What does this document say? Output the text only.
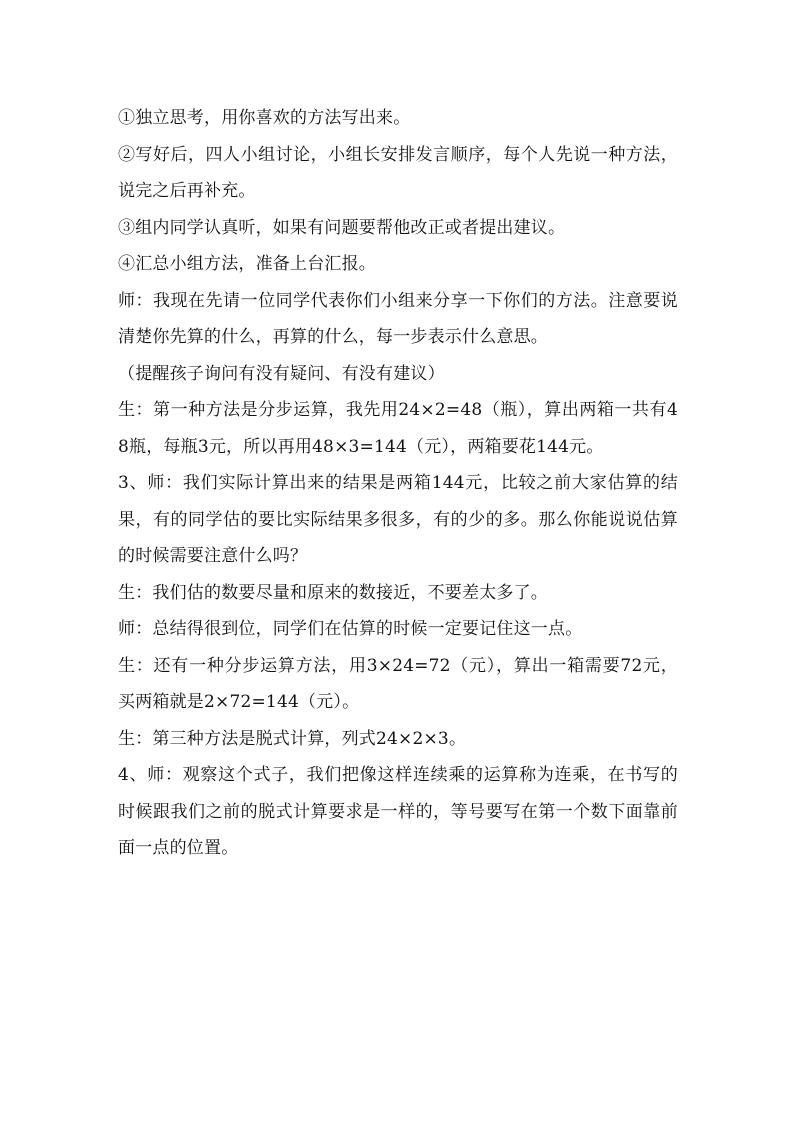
①独立思考，用你喜欢的方法写出来。

②写好后，四人小组讨论，小组长安排发言顺序，每个人先说一种方法，说完之后再补充。

③组内同学认真听，如果有问题要帮他改正或者提出建议。

④汇总小组方法，准备上台汇报。

师：我现在先请一位同学代表你们小组来分享一下你们的方法。注意要说清楚你先算的什么，再算的什么，每一步表示什么意思。

（提醒孩子询问有没有疑问、有没有建议）

生：第一种方法是分步运算，我先用24×2=48（瓶），算出两箱一共有48瓶，每瓶3元，所以再用48×3=144（元），两箱要花144元。

3、师：我们实际计算出来的结果是两箱144元，比较之前大家估算的结果，有的同学估的要比实际结果多很多，有的少的多。那么你能说说估算的时候需要注意什么吗？

生：我们估的数要尽量和原来的数接近，不要差太多了。

师：总结得很到位，同学们在估算的时候一定要记住这一点。

生：还有一种分步运算方法，用3×24=72（元），算出一箱需要72元，买两箱就是2×72=144（元）。

生：第三种方法是脱式计算，列式24×2×3。

4、师：观察这个式子，我们把像这样连续乘的运算称为连乘，在书写的时候跟我们之前的脱式计算要求是一样的，等号要写在第一个数下面靠前面一点的位置。
